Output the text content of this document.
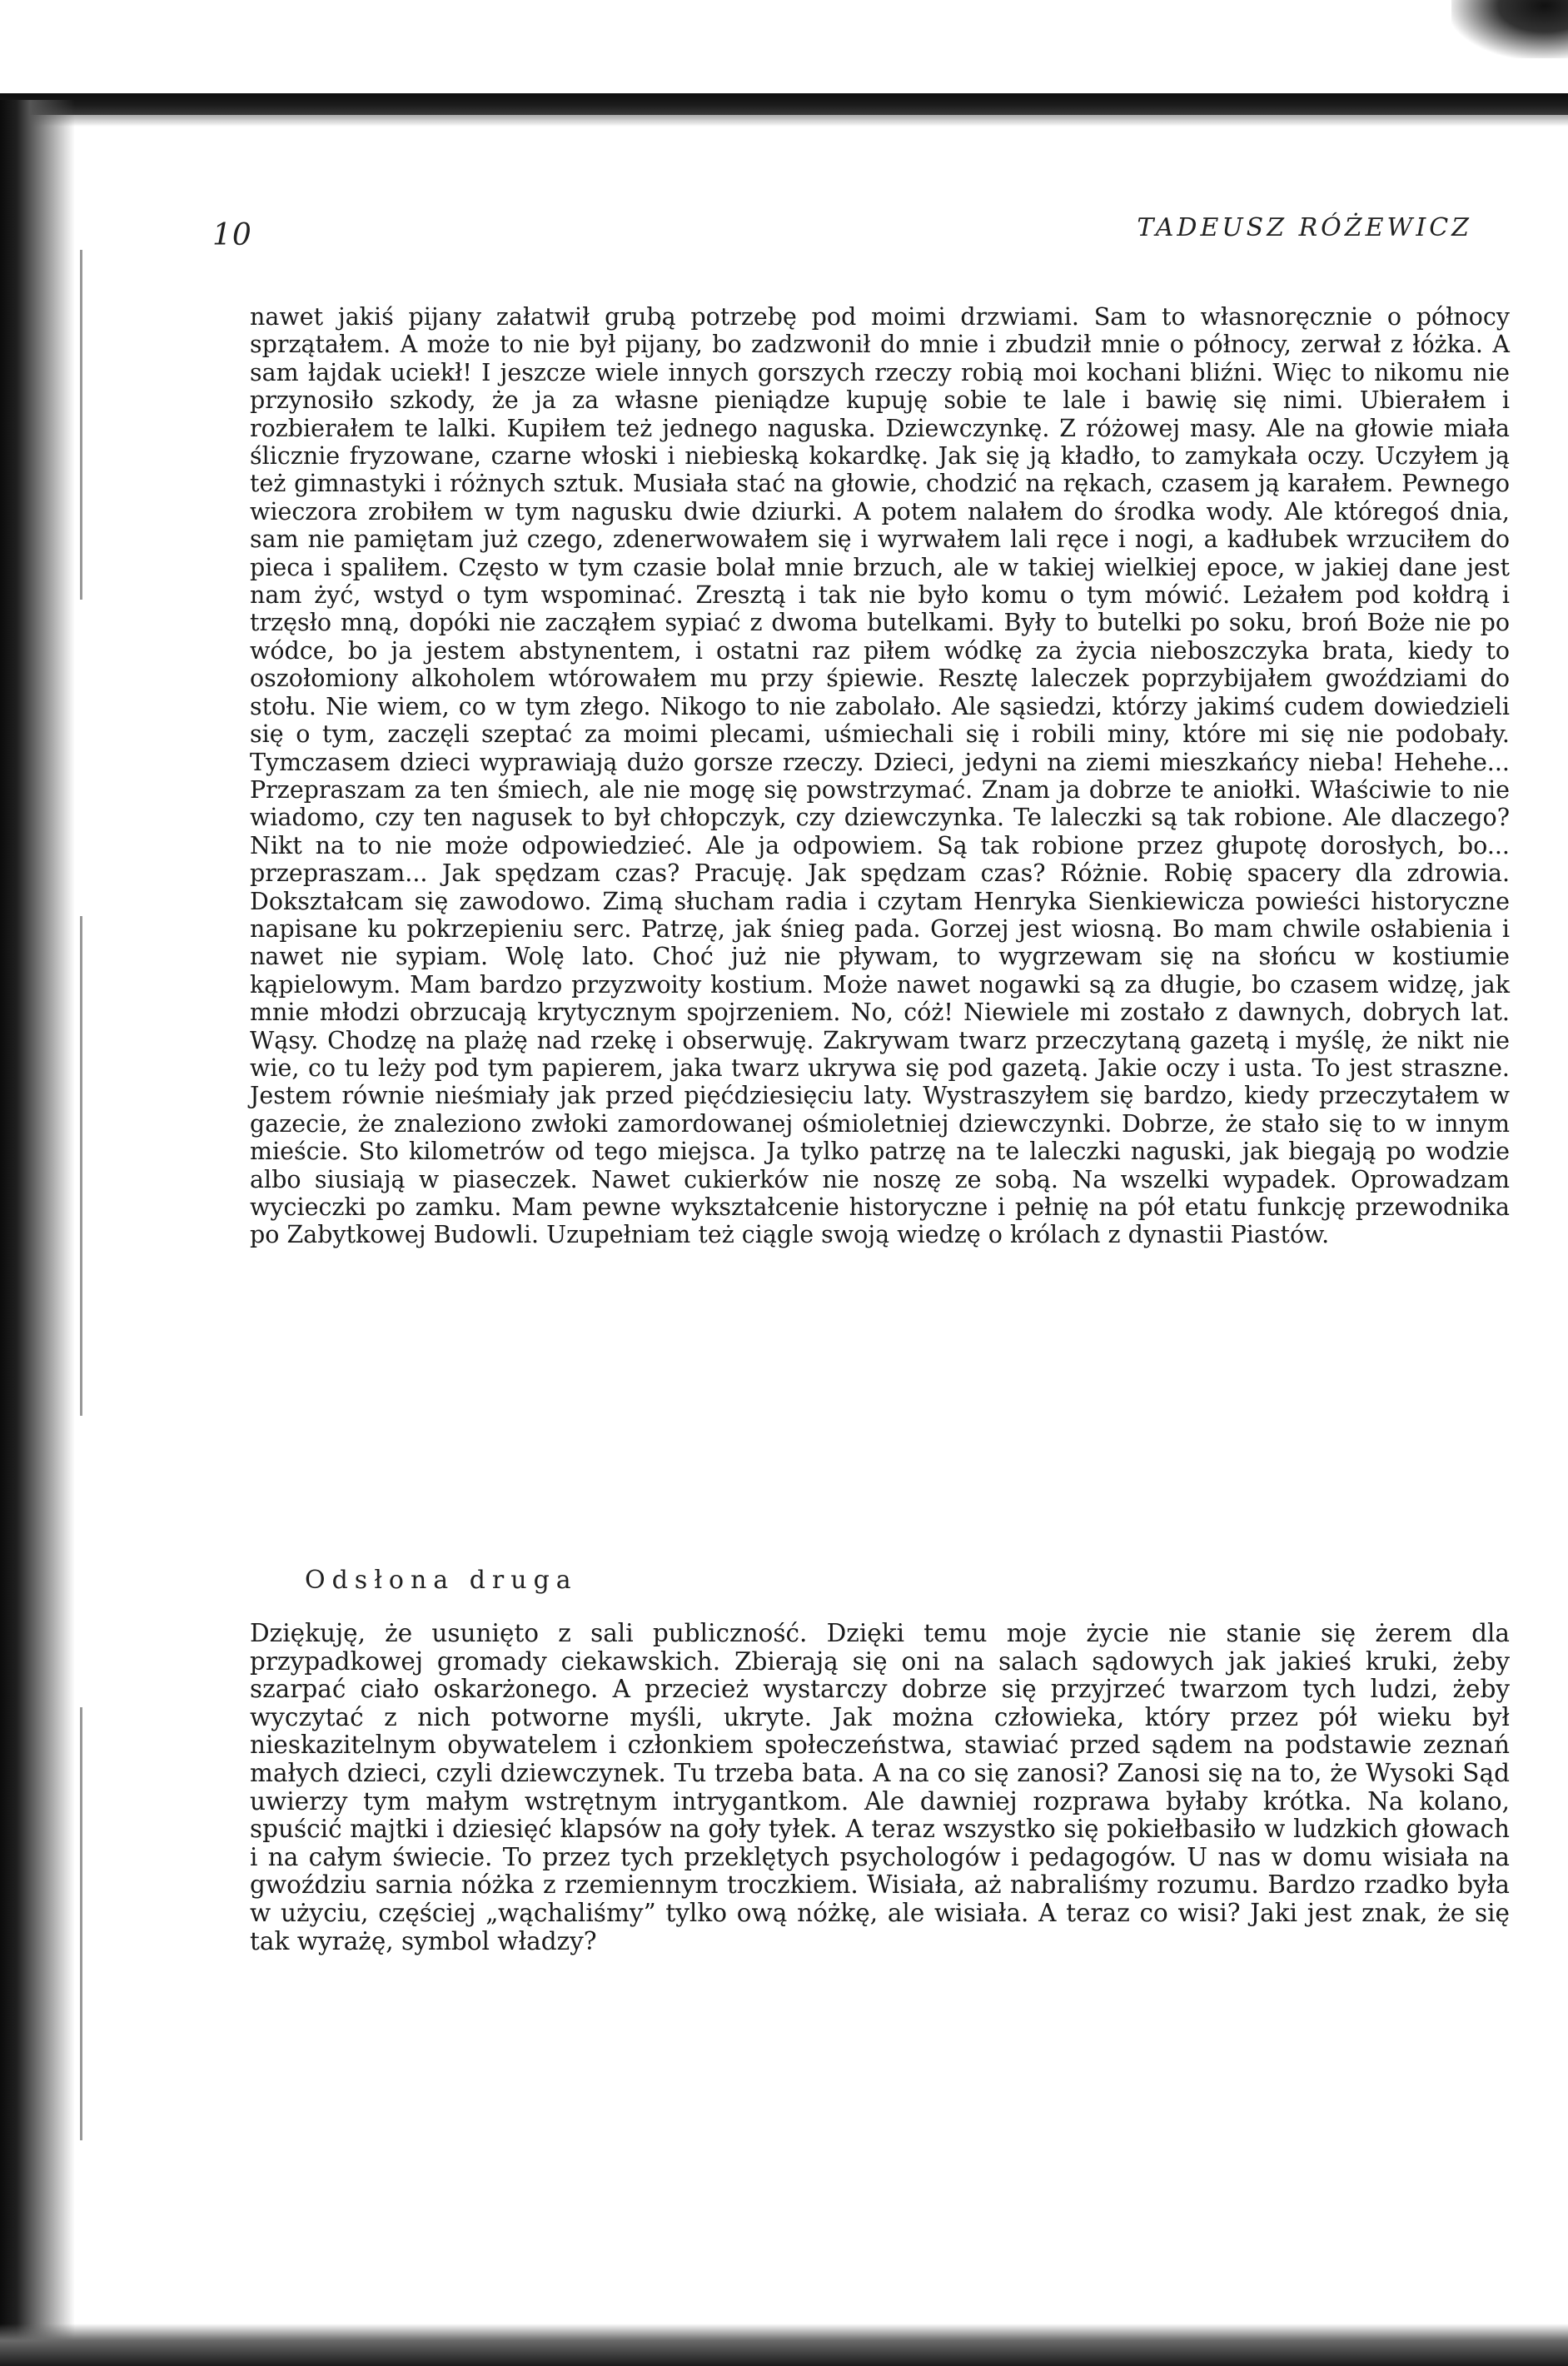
10	TADEUSZ RÓŻEWICZ

nawet jakiś pijany załatwił grubą potrzebę pod moimi drzwiami. Sam to własnoręcznie o północy sprzątałem. A może to nie był pijany, bo zadzwonił do mnie i zbudził mnie o północy, zerwał z łóżka. A sam łajdak uciekł! I jeszcze wiele innych gorszych rzeczy robią moi kochani bliźni. Więc to nikomu nie przynosiło szkody, że ja za własne pieniądze kupuję sobie te lale i bawię się nimi. Ubierałem i rozbierałem te lalki. Kupiłem też jednego naguska. Dziewczynkę. Z różowej masy. Ale na głowie miała ślicznie fryzowane, czarne włoski i niebieską kokardkę. Jak się ją kładło, to zamykała oczy. Uczyłem ją też gimnastyki i różnych sztuk. Musiała stać na głowie, chodzić na rękach, czasem ją karałem. Pewnego wieczora zrobiłem w tym nagusku dwie dziurki. A potem nalałem do środka wody. Ale któregoś dnia, sam nie pamiętam już czego, zdenerwowałem się i wyrwałem lali ręce i nogi, a kadłubek wrzuciłem do pieca i spaliłem. Często w tym czasie bolał mnie brzuch, ale w takiej wielkiej epoce, w jakiej dane jest nam żyć, wstyd o tym wspominać. Zresztą i tak nie było komu o tym mówić. Leżałem pod kołdrą i trzęsło mną, dopóki nie zacząłem sypiać z dwoma butelkami. Były to butelki po soku, broń Boże nie po wódce, bo ja jestem abstynentem, i ostatni raz piłem wódkę za życia nieboszczyka brata, kiedy to oszołomiony alkoholem wtórowałem mu przy śpiewie. Resztę laleczek poprzybijałem gwoździami do stołu. Nie wiem, co w tym złego. Nikogo to nie zabolało. Ale sąsiedzi, którzy jakimś cudem dowiedzieli się o tym, zaczęli szeptać za moimi plecami, uśmiechali się i robili miny, które mi się nie podobały. Tymczasem dzieci wyprawiają dużo gorsze rzeczy. Dzieci, jedyni na ziemi mieszkańcy nieba! Hehehe... Przepraszam za ten śmiech, ale nie mogę się powstrzymać. Znam ja dobrze te aniołki. Właściwie to nie wiadomo, czy ten nagusek to był chłopczyk, czy dziewczynka. Te laleczki są tak robione. Ale dlaczego? Nikt na to nie może odpowiedzieć. Ale ja odpowiem. Są tak robione przez głupotę dorosłych, bo... przepraszam... Jak spędzam czas? Pracuję. Jak spędzam czas? Różnie. Robię spacery dla zdrowia. Dokształcam się zawodowo. Zimą słucham radia i czytam Henryka Sienkiewicza powieści historyczne napisane ku pokrzepieniu serc. Patrzę, jak śnieg pada. Gorzej jest wiosną. Bo mam chwile osłabienia i nawet nie sypiam. Wolę lato. Choć już nie pływam, to wygrzewam się na słońcu w kostiumie kąpielowym. Mam bardzo przyzwoity kostium. Może nawet nogawki są za długie, bo czasem widzę, jak mnie młodzi obrzucają krytycznym spojrzeniem. No, cóż! Niewiele mi zostało z dawnych, dobrych lat. Wąsy. Chodzę na plażę nad rzekę i obserwuję. Zakrywam twarz przeczytaną gazetą i myślę, że nikt nie wie, co tu leży pod tym papierem, jaka twarz ukrywa się pod gazetą. Jakie oczy i usta. To jest straszne. Jestem równie nieśmiały jak przed pięćdziesięciu laty. Wystraszyłem się bardzo, kiedy przeczytałem w gazecie, że znaleziono zwłoki zamordowanej ośmioletniej dziewczynki. Dobrze, że stało się to w innym mieście. Sto kilometrów od tego miejsca. Ja tylko patrzę na te laleczki naguski, jak biegają po wodzie albo siusiają w piaseczek. Nawet cukierków nie noszę ze sobą. Na wszelki wypadek. Oprowadzam wycieczki po zamku. Mam pewne wykształcenie historyczne i pełnię na pół etatu funkcję przewodnika po Zabytkowej Budowli. Uzupełniam też ciągle swoją wiedzę o królach z dynastii Piastów.

Odsłona druga

Dziękuję, że usunięto z sali publiczność. Dzięki temu moje życie nie stanie się żerem dla przypadkowej gromady ciekawskich. Zbierają się oni na salach sądowych jak jakieś kruki, żeby szarpać ciało oskarżonego. A przecież wystarczy dobrze się przyjrzeć twarzom tych ludzi, żeby wyczytać z nich potworne myśli, ukryte. Jak można człowieka, który przez pół wieku był nieskazitelnym obywatelem i członkiem społeczeństwa, stawiać przed sądem na podstawie zeznań małych dzieci, czyli dziewczynek. Tu trzeba bata. A na co się zanosi? Zanosi się na to, że Wysoki Sąd uwierzy tym małym wstrętnym intrygantkom. Ale dawniej rozprawa byłaby krótka. Na kolano, spuścić majtki i dziesięć klapsów na goły tyłek. A teraz wszystko się pokiełbasiło w ludzkich głowach i na całym świecie. To przez tych przeklętych psychologów i pedagogów. U nas w domu wisiała na gwoździu sarnia nóżka z rzemiennym troczkiem. Wisiała, aż nabraliśmy rozumu. Bardzo rzadko była w użyciu, częściej „wąchaliśmy” tylko ową nóżkę, ale wisiała. A teraz co wisi? Jaki jest znak, że się tak wyrażę, symbol władzy?
